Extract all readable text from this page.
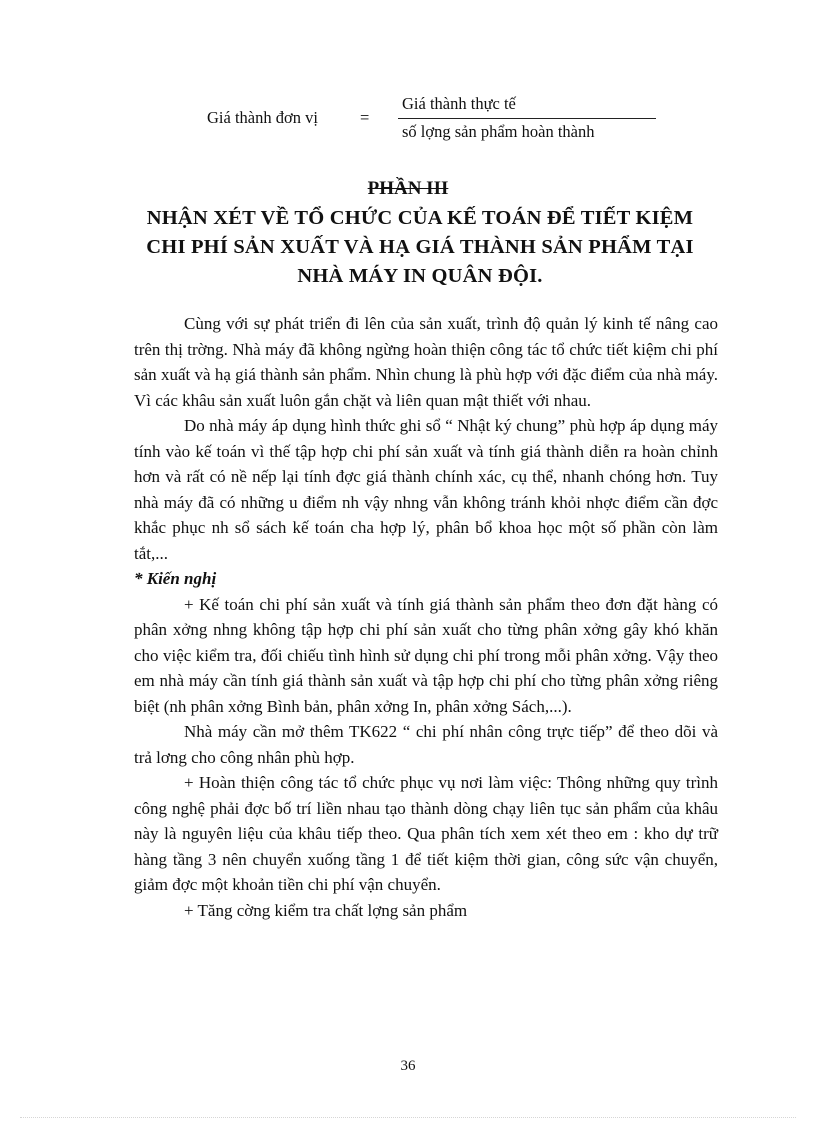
Giá thành đơn vị	=
Giá thành thực tế
số lợng sản phẩm hoàn thành
PHẦN III
NHẬN XÉT VỀ TỔ CHỨC CỦA KẾ TOÁN ĐỂ TIẾT KIỆM
CHI PHÍ SẢN XUẤT VÀ HẠ GIÁ THÀNH SẢN PHẨM TẠI
NHÀ MÁY IN QUÂN ĐỘI.

Cùng với sự phát triển đi lên của sản xuất, trình độ quản lý kinh tế nâng cao trên thị trờng. Nhà máy đã không ngừng hoàn thiện công tác tổ chức tiết kiệm chi phí sản xuất và hạ giá thành sản phẩm. Nhìn chung là phù hợp với đặc điểm của nhà máy. Vì các khâu sản xuất luôn gắn chặt và liên quan mật thiết với nhau.

Do nhà máy áp dụng hình thức ghi sổ “ Nhật ký chung” phù hợp áp dụng máy tính vào kế toán vì thế tập hợp chi phí sản xuất và tính giá thành diễn ra hoàn chỉnh hơn và rất có nề nếp lại tính đợc giá thành chính xác, cụ thể, nhanh chóng hơn. Tuy nhà máy đã có những u điểm nh vậy nhng vẫn không tránh khỏi nhợc điểm cần đợc khắc phục nh sổ sách kế toán cha hợp lý, phân bổ khoa học một số phần còn làm tắt,...

* Kiến nghị

+ Kế toán chi phí sản xuất và tính giá thành sản phẩm theo đơn đặt hàng có phân xởng nhng không tập hợp chi phí sản xuất cho từng phân xởng gây khó khăn cho việc kiểm tra, đối chiếu tình hình sử dụng chi phí trong mỗi phân xởng. Vậy theo em nhà máy cần tính giá thành sản xuất và tập hợp chi phí cho từng phân xởng riêng biệt (nh phân xởng Bình bản, phân xởng In, phân xởng Sách,...).

Nhà máy cần mở thêm TK622 “ chi phí nhân công trực tiếp” để theo dõi và trả lơng cho công nhân phù hợp.

+ Hoàn thiện công tác tổ chức phục vụ nơi làm việc: Thông những quy trình công nghệ phải đợc bố trí liền nhau tạo thành dòng chạy liên tục sản phẩm của khâu này là nguyên liệu của khâu tiếp theo. Qua phân tích xem xét theo em : kho dự trữ hàng tầng 3 nên chuyển xuống tầng 1 để tiết kiệm thời gian, công sức vận chuyển, giảm đợc một khoản tiền chi phí vận chuyển.

+ Tăng cờng kiểm tra chất lợng sản phẩm

36
